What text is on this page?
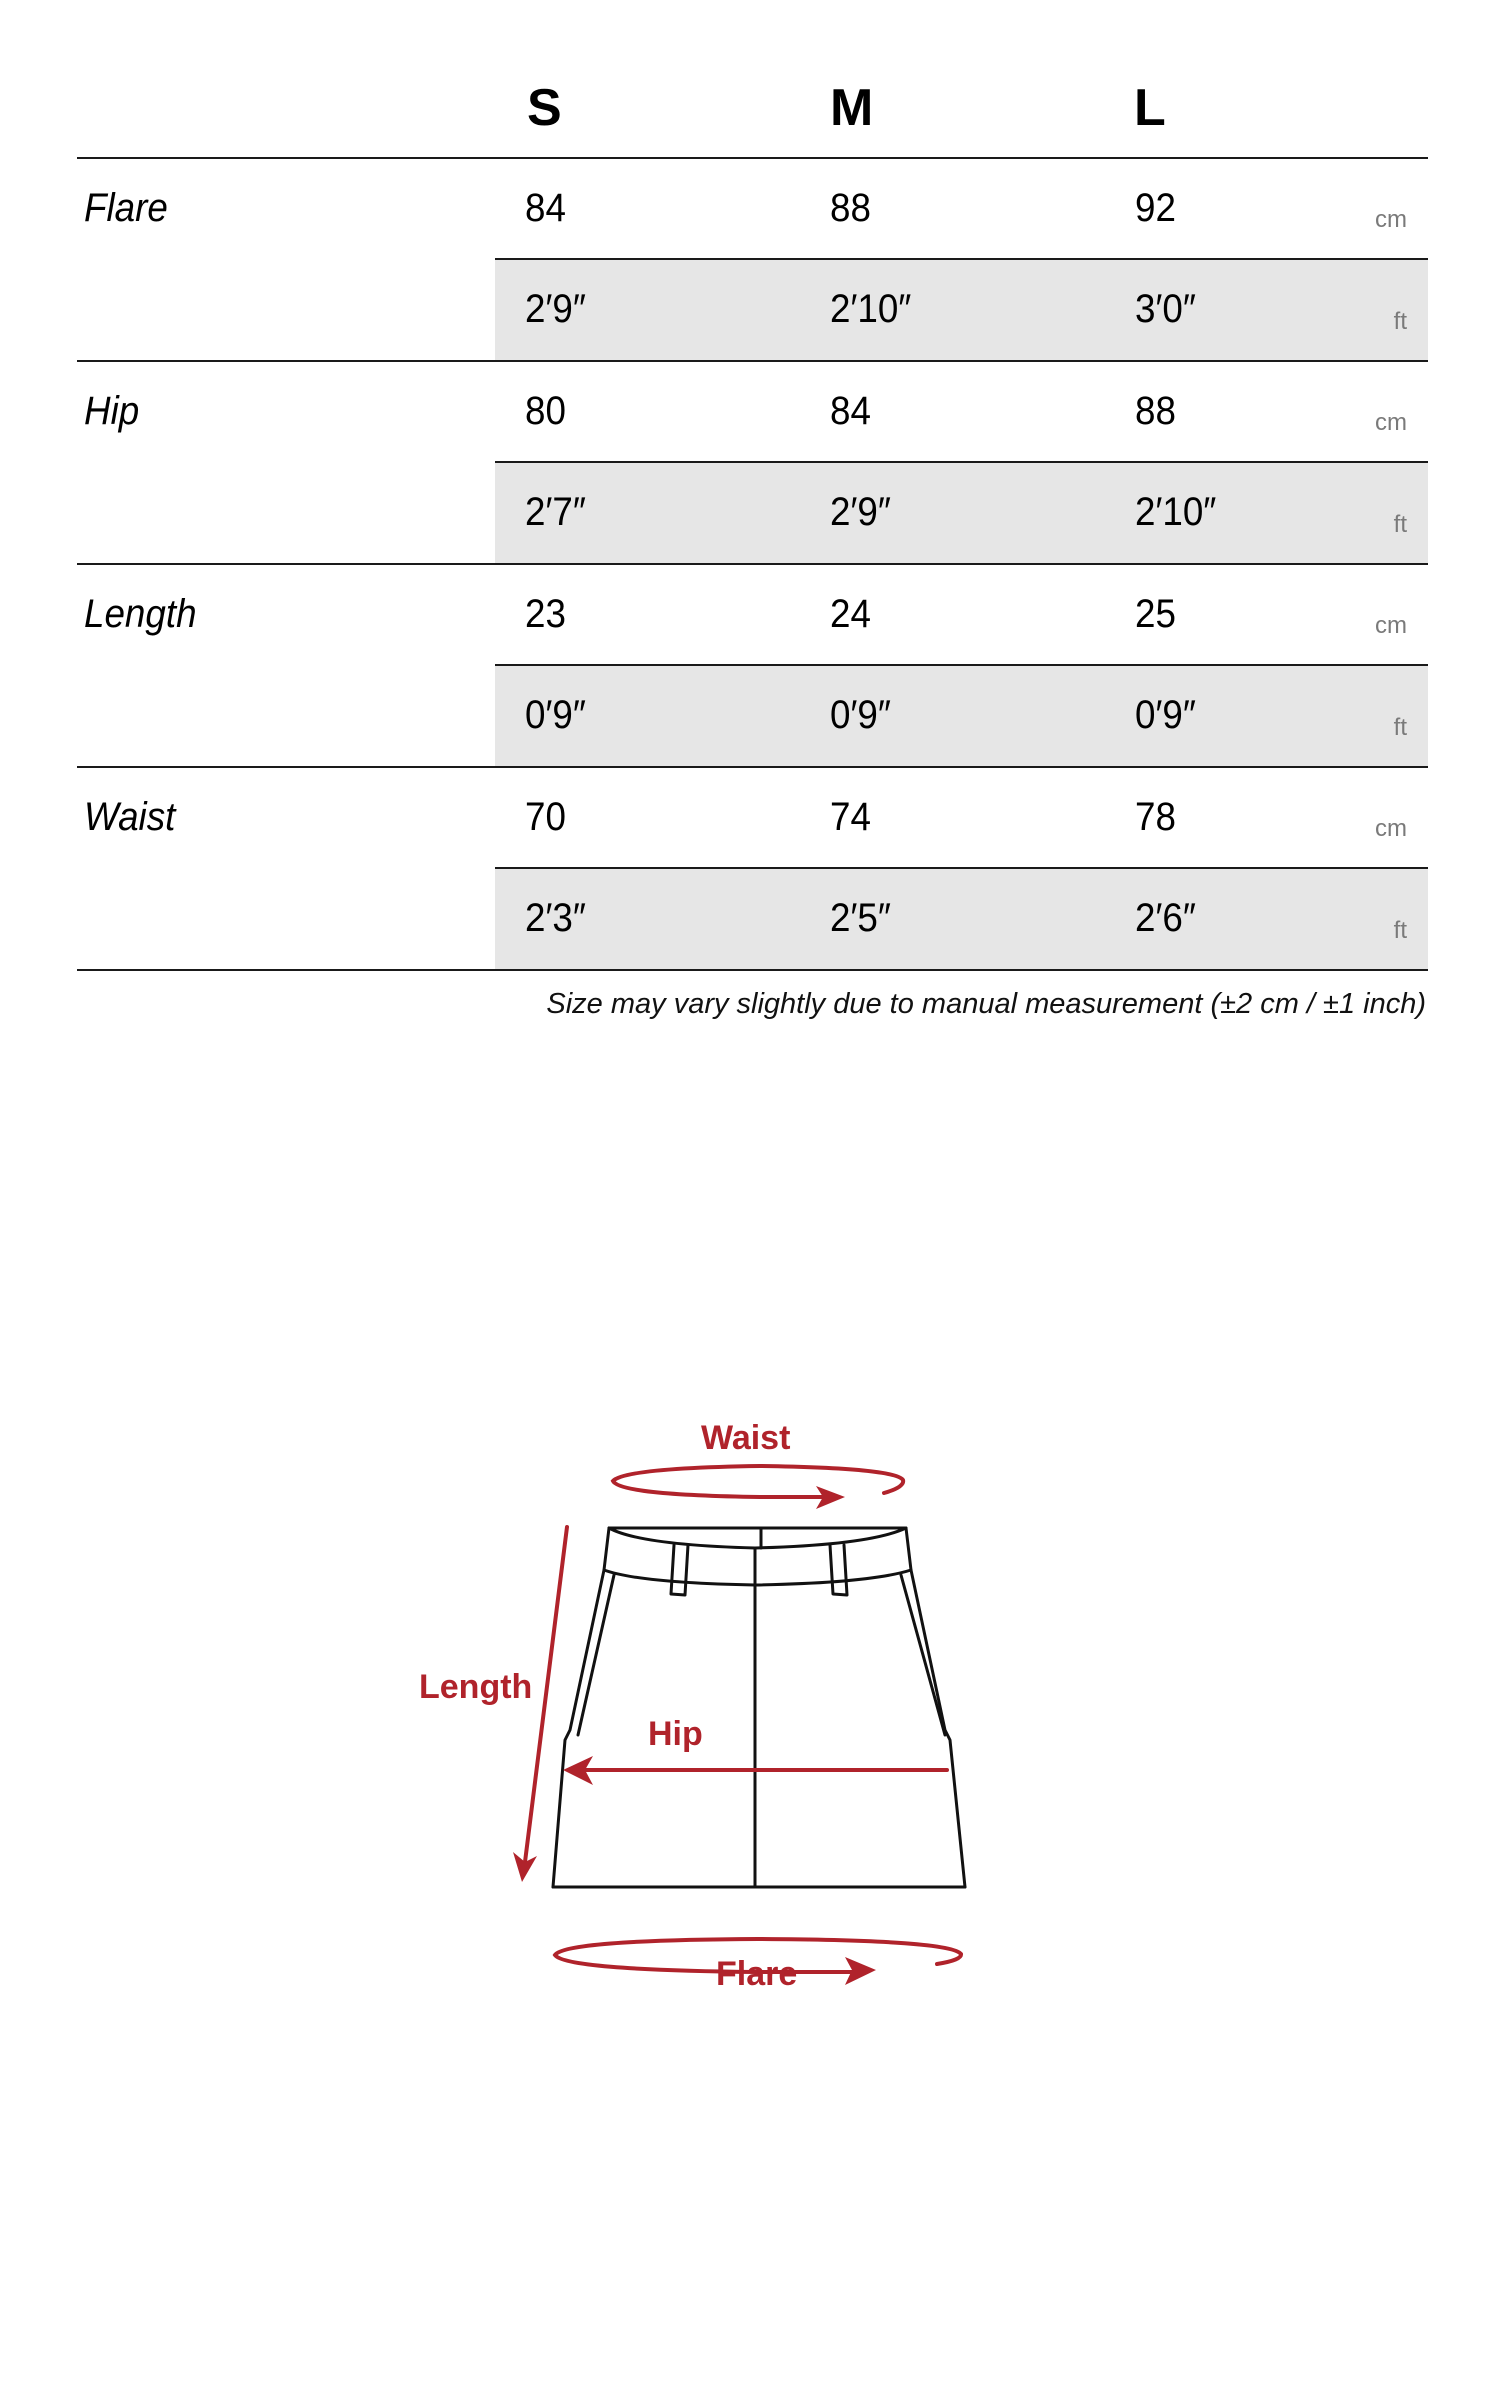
S	M	L
Flare	84	88	92	cm
2′9″	2′10″	3′0″	ft
Hip	80	84	88	cm
2′7″	2′9″	2′10″	ft
Length	23	24	25	cm
0′9″	0′9″	0′9″	ft
Waist	70	74	78	cm
2′3″	2′5″	2′6″	ft
Size may vary slightly due to manual measurement (±2 cm / ±1 inch)
Waist
Length
Hip
Flare
